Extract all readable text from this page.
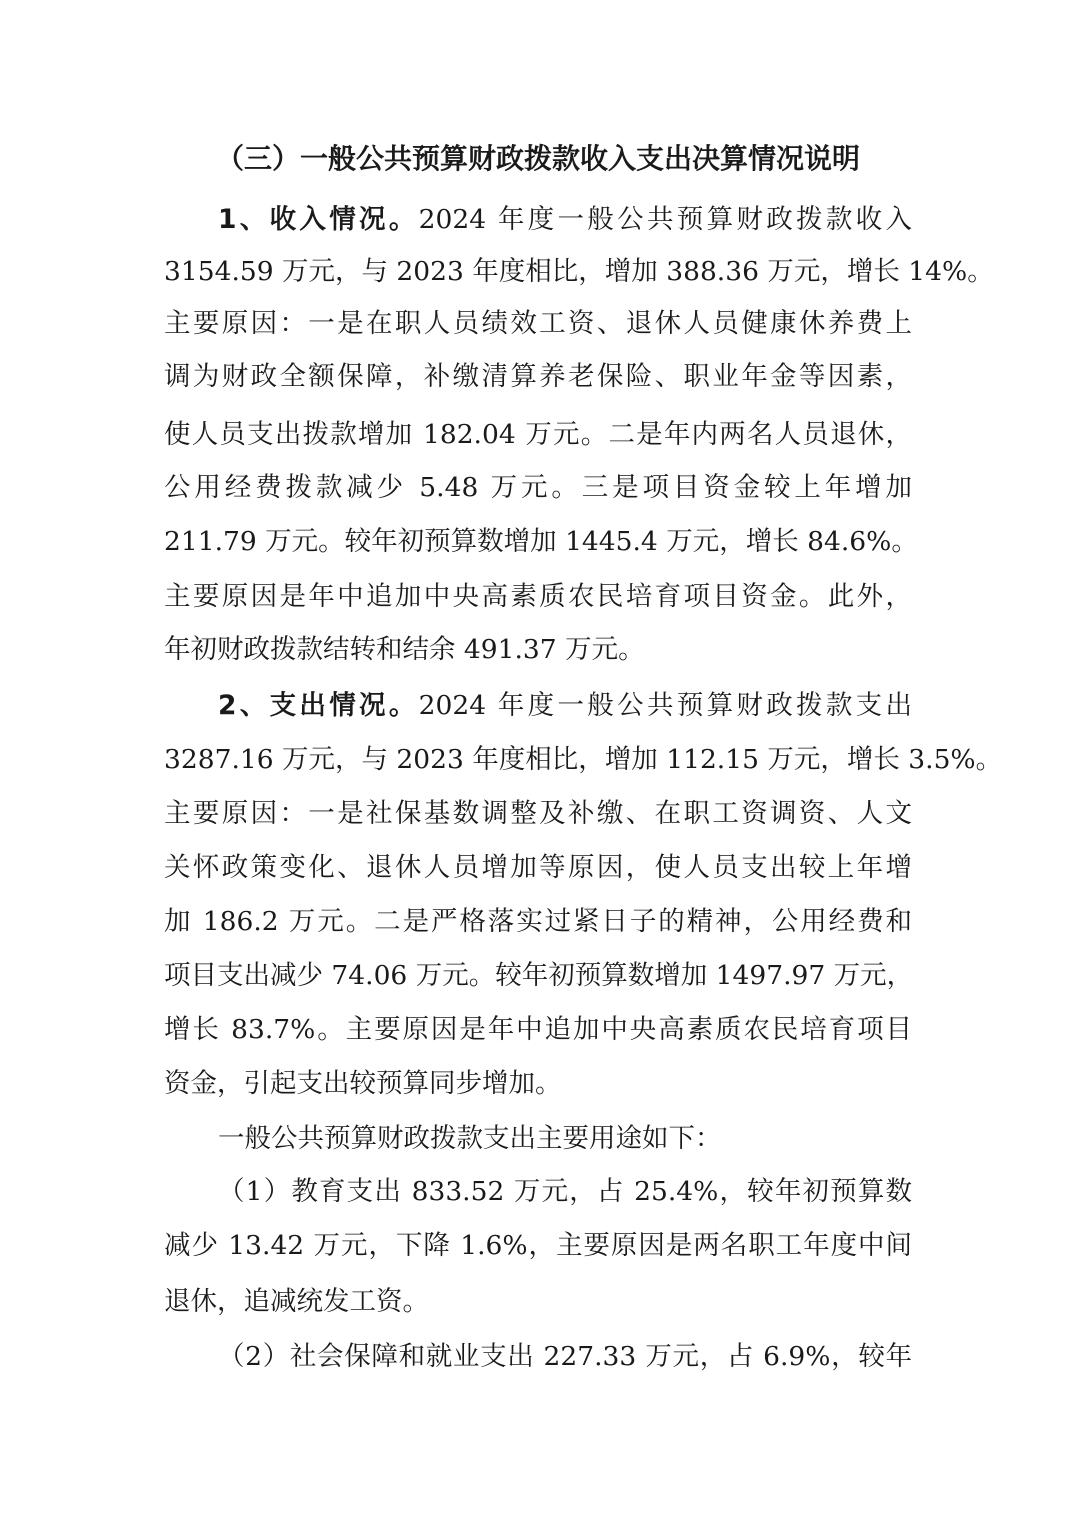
（三）一般公共预算财政拨款收入支出决算情况说明
1、收入情况。2024 年度一般公共预算财政拨款收入
3154.59 万元，与 2023 年度相比，增加 388.36 万元，增长 14%。
主要原因：一是在职人员绩效工资、退休人员健康休养费上
调为财政全额保障，补缴清算养老保险、职业年金等因素，
使人员支出拨款增加 182.04 万元。二是年内两名人员退休，
公用经费拨款减少 5.48 万元。三是项目资金较上年增加
211.79 万元。较年初预算数增加 1445.4 万元，增长 84.6%。
主要原因是年中追加中央高素质农民培育项目资金。此外，
年初财政拨款结转和结余 491.37 万元。
2、支出情况。2024 年度一般公共预算财政拨款支出
3287.16 万元，与 2023 年度相比，增加 112.15 万元，增长 3.5%。
主要原因：一是社保基数调整及补缴、在职工资调资、人文
关怀政策变化、退休人员增加等原因，使人员支出较上年增
加 186.2 万元。二是严格落实过紧日子的精神，公用经费和
项目支出减少 74.06 万元。较年初预算数增加 1497.97 万元，
增长 83.7%。主要原因是年中追加中央高素质农民培育项目
资金，引起支出较预算同步增加。
一般公共预算财政拨款支出主要用途如下：
（1）教育支出 833.52 万元，占 25.4%，较年初预算数
减少 13.42 万元，下降 1.6%，主要原因是两名职工年度中间
退休，追减统发工资。
（2）社会保障和就业支出 227.33 万元，占 6.9%，较年
